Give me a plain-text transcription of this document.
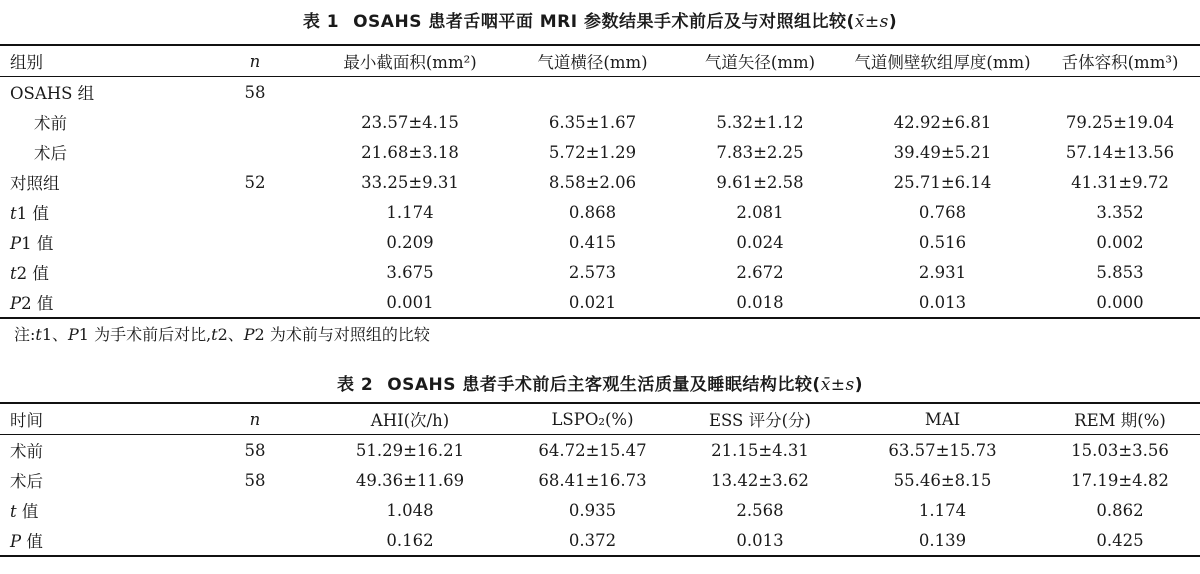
表 1 OSAHS 患者舌咽平面 MRI 参数结果手术前后及与对照组比较(x̄±s)
组别	n	最小截面积(mm²)	气道横径(mm)	气道矢径(mm)	气道侧壁软组厚度(mm)	舌体容积(mm³)
OSAHS 组	58					
术前		23.57±4.15	6.35±1.67	5.32±1.12	42.92±6.81	79.25±19.04
术后		21.68±3.18	5.72±1.29	7.83±2.25	39.49±5.21	57.14±13.56
对照组	52	33.25±9.31	8.58±2.06	9.61±2.58	25.71±6.14	41.31±9.72
t1 值		1.174	0.868	2.081	0.768	3.352
P1 值		0.209	0.415	0.024	0.516	0.002
t2 值		3.675	2.573	2.672	2.931	5.853
P2 值		0.001	0.021	0.018	0.013	0.000
注:t1、P1 为手术前后对比,t2、P2 为术前与对照组的比较
表 2 OSAHS 患者手术前后主客观生活质量及睡眠结构比较(x̄±s)
时间	n	AHI(次/h)	LSPO₂(%)	ESS 评分(分)	MAI	REM 期(%)
术前	58	51.29±16.21	64.72±15.47	21.15±4.31	63.57±15.73	15.03±3.56
术后	58	49.36±11.69	68.41±16.73	13.42±3.62	55.46±8.15	17.19±4.82
t 值		1.048	0.935	2.568	1.174	0.862
P 值		0.162	0.372	0.013	0.139	0.425
